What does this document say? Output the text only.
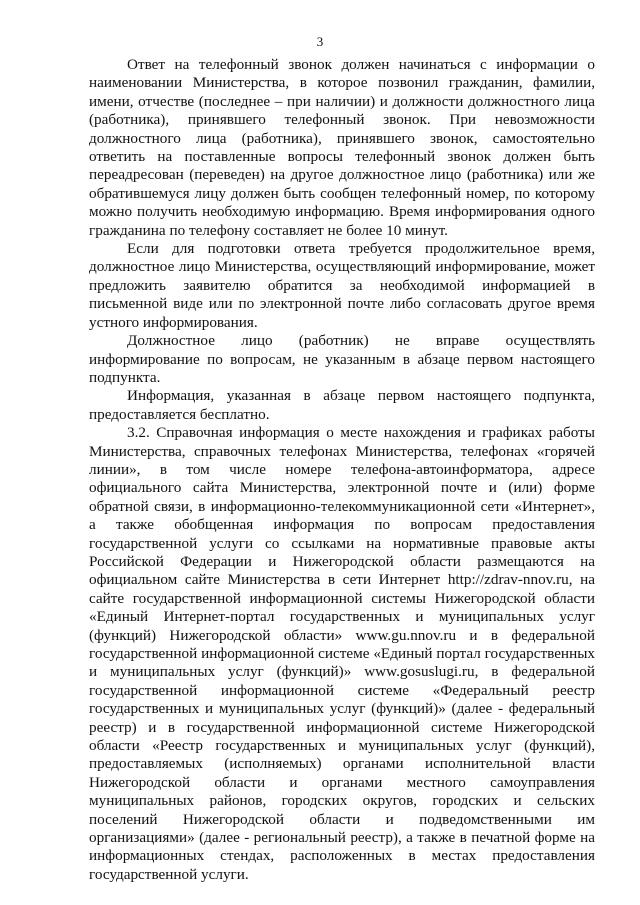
3

Ответ на телефонный звонок должен начинаться с информации о наименовании Министерства, в которое позвонил гражданин, фамилии, имени, отчестве (последнее – при наличии) и должности должностного лица (работника), принявшего телефонный звонок. При невозможности должностного лица (работника), принявшего звонок, самостоятельно ответить на поставленные вопросы телефонный звонок должен быть переадресован (переведен) на другое должностное лицо (работника) или же обратившемуся лицу должен быть сообщен телефонный номер, по которому можно получить необходимую информацию. Время информирования одного гражданина по телефону составляет не более 10 минут.

Если для подготовки ответа требуется продолжительное время, должностное лицо Министерства, осуществляющий информирование, может предложить заявителю обратится за необходимой информацией в письменной виде или по электронной почте либо согласовать другое время устного информирования.

Должностное лицо (работник) не вправе осуществлять информирование по вопросам, не указанным в абзаце первом настоящего подпункта.

Информация, указанная в абзаце первом настоящего подпункта, предоставляется бесплатно.

3.2. Справочная информация о месте нахождения и графиках работы Министерства, справочных телефонах Министерства, телефонах «горячей линии», в том числе номере телефона-автоинформатора, адресе официального сайта Министерства, электронной почте и (или) форме обратной связи, в информационно-телекоммуникационной сети «Интернет», а также обобщенная информация по вопросам предоставления государственной услуги со ссылками на нормативные правовые акты Российской Федерации и Нижегородской области размещаются на официальном сайте Министерства в сети Интернет http://zdrav-nnov.ru, на сайте государственной информационной системы Нижегородской области «Единый Интернет-портал государственных и муниципальных услуг (функций) Нижегородской области» www.gu.nnov.ru и в федеральной государственной информационной системе «Единый портал государственных и муниципальных услуг (функций)» www.gosuslugi.ru, в федеральной государственной информационной системе «Федеральный реестр государственных и муниципальных услуг (функций)» (далее - федеральный реестр) и в государственной информационной системе Нижегородской области «Реестр государственных и муниципальных услуг (функций), предоставляемых (исполняемых) органами исполнительной власти Нижегородской области и органами местного самоуправления муниципальных районов, городских округов, городских и сельских поселений Нижегородской области и подведомственными им организациями» (далее - региональный реестр), а также в печатной форме на информационных стендах, расположенных в местах предоставления государственной услуги.
